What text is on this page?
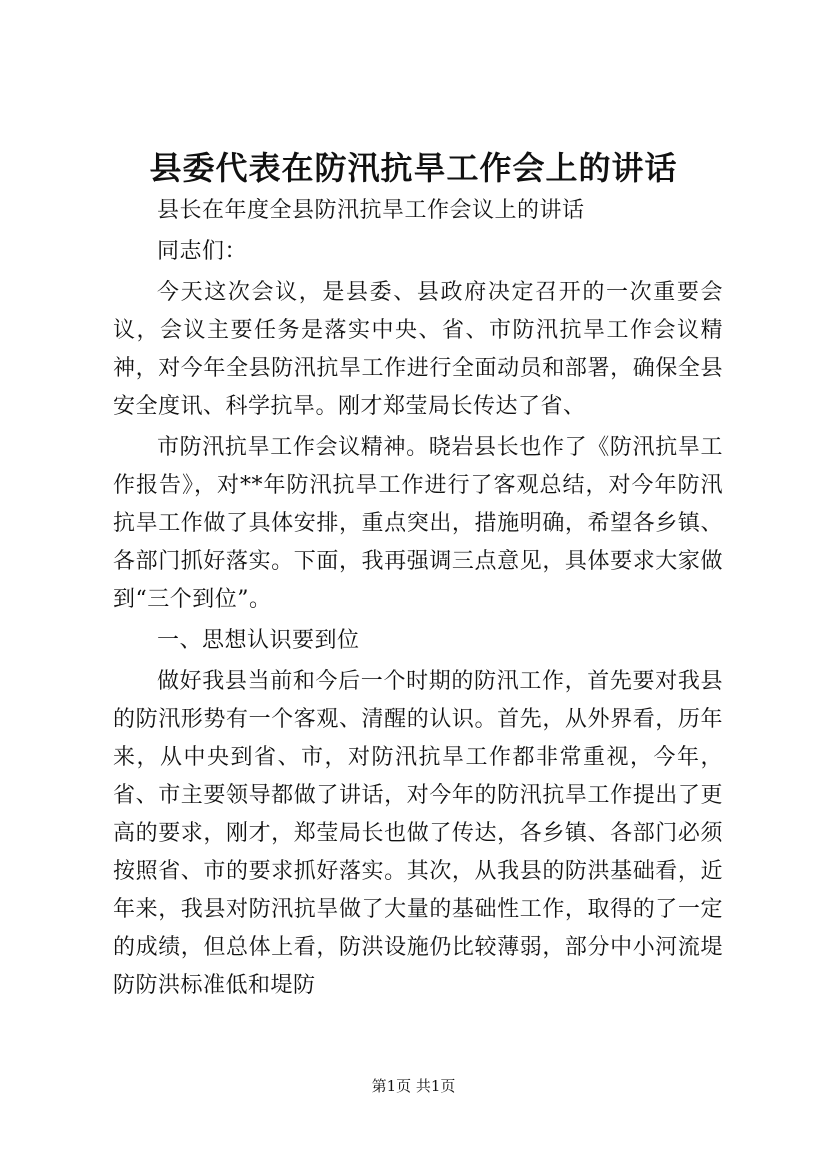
县委代表在防汛抗旱工作会上的讲话

县长在年度全县防汛抗旱工作会议上的讲话

同志们：

今天这次会议，是县委、县政府决定召开的一次重要会议，会议主要任务是落实中央、省、市防汛抗旱工作会议精神，对今年全县防汛抗旱工作进行全面动员和部署，确保全县安全度讯、科学抗旱。刚才郑莹局长传达了省、

市防汛抗旱工作会议精神。晓岩县长也作了《防汛抗旱工作报告》，对**年防汛抗旱工作进行了客观总结，对今年防汛抗旱工作做了具体安排，重点突出，措施明确，希望各乡镇、各部门抓好落实。下面，我再强调三点意见，具体要求大家做到“三个到位”。

一、思想认识要到位

做好我县当前和今后一个时期的防汛工作，首先要对我县的防汛形势有一个客观、清醒的认识。首先，从外界看，历年来，从中央到省、市，对防汛抗旱工作都非常重视，今年，省、市主要领导都做了讲话，对今年的防汛抗旱工作提出了更高的要求，刚才，郑莹局长也做了传达，各乡镇、各部门必须按照省、市的要求抓好落实。其次，从我县的防洪基础看，近年来，我县对防汛抗旱做了大量的基础性工作，取得的了一定的成绩，但总体上看，防洪设施仍比较薄弱，部分中小河流堤防防洪标准低和堤防

第1页 共1页
